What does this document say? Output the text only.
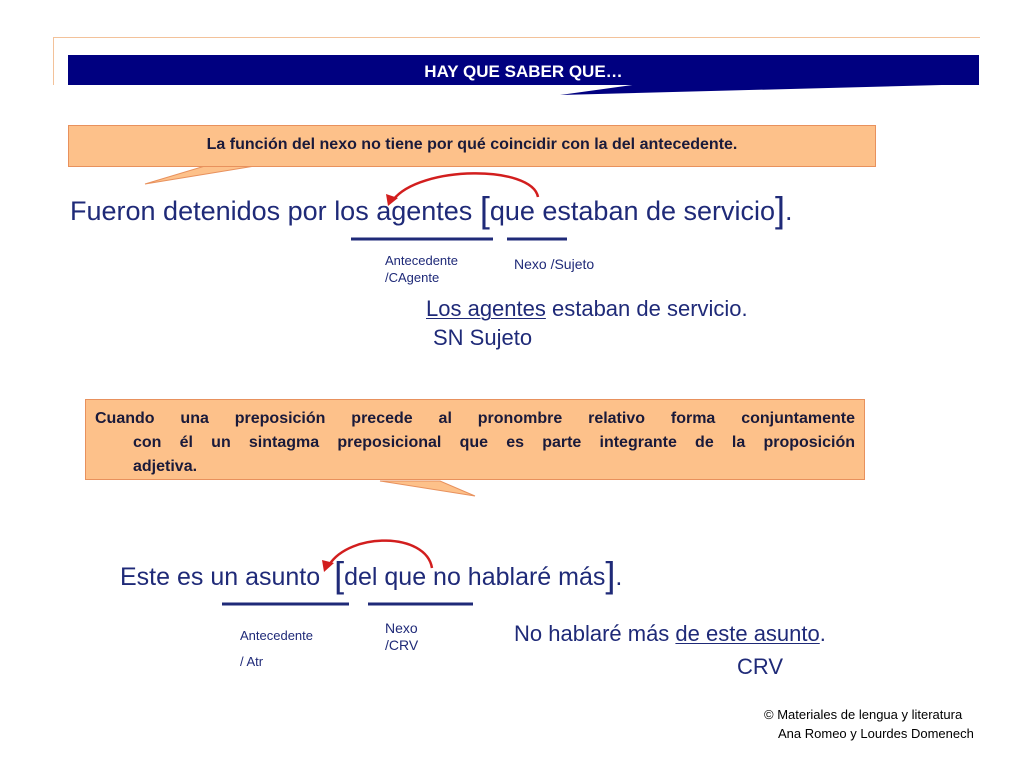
HAY QUE SABER QUE…
La función del nexo no tiene por qué coincidir con la del antecedente.
Fueron detenidos por los agentes [que estaban de servicio].
Antecedente
/CAgente
Nexo /Sujeto
Los agentes estaban de servicio.
SN Sujeto
Cuando una preposición precede al pronombre relativo forma conjuntamente
con él un sintagma preposicional que es parte integrante de la proposición
adjetiva.
Este es un asunto [del que no hablaré más].
Antecedente
/ Atr
Nexo
/CRV	No hablaré más de este asunto.
CRV
© Materiales de lengua y literatura
Ana Romeo y Lourdes Domenech
